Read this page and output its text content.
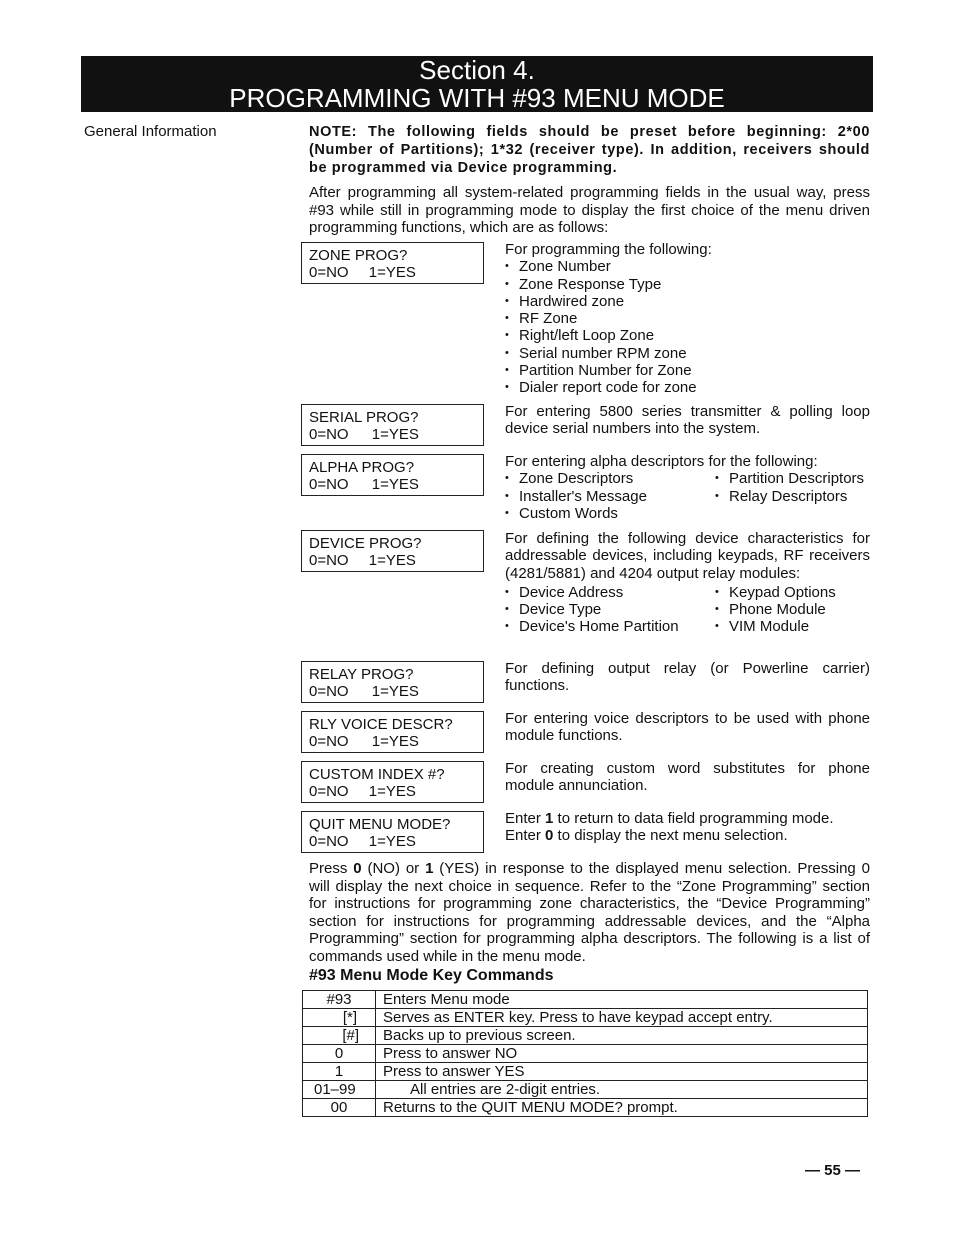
Section 4.
PROGRAMMING WITH #93 MENU MODE
General Information	NOTE: The following fields should be preset before beginning: 2*00 (Number of Partitions); 1*32 (receiver type). In addition, receivers should be programmed via Device programming.
After programming all system-related programming fields in the usual way, press #93 while still in programming mode to display the first choice of the menu driven programming functions, which are as follows:
ZONE PROG?
0=NO 1=YES
For programming the following:
• Zone Number
• Zone Response Type
• Hardwired zone
• RF Zone
• Right/left Loop Zone
• Serial number RPM zone
• Partition Number for Zone
• Dialer report code for zone
SERIAL PROG?
0=NO 1=YES
For entering 5800 series transmitter & polling loop device serial numbers into the system.
ALPHA PROG?
0=NO 1=YES
For entering alpha descriptors for the following:
• Zone Descriptors
• Installer's Message
• Custom Words
• Partition Descriptors
• Relay Descriptors
DEVICE PROG?
0=NO 1=YES
For defining the following device characteristics for addressable devices, including keypads, RF receivers (4281/5881) and 4204 output relay modules:
• Device Address
• Device Type
• Device's Home Partition
• Keypad Options
• Phone Module
• VIM Module
RELAY PROG?
0=NO 1=YES
For defining output relay (or Powerline carrier) functions.
RLY VOICE DESCR?
0=NO 1=YES
For entering voice descriptors to be used with phone module functions.
CUSTOM INDEX #?
0=NO 1=YES
For creating custom word substitutes for phone module annunciation.
QUIT MENU MODE?
0=NO 1=YES
Enter 1 to return to data field programming mode.
Enter 0 to display the next menu selection.
Press 0 (NO) or 1 (YES) in response to the displayed menu selection. Pressing 0 will display the next choice in sequence. Refer to the “Zone Programming” section for instructions for programming zone characteristics, the “Device Programming” section for instructions for programming addressable devices, and the “Alpha Programming” section for programming alpha descriptors. The following is a list of commands used while in the menu mode.
#93 Menu Mode Key Commands
#93	Enters Menu mode
[*]	Serves as ENTER key. Press to have keypad accept entry.
[#]	Backs up to previous screen.
0	Press to answer NO
1	Press to answer YES
01–99	All entries are 2-digit entries.
00	Returns to the QUIT MENU MODE? prompt.
— 55 —
